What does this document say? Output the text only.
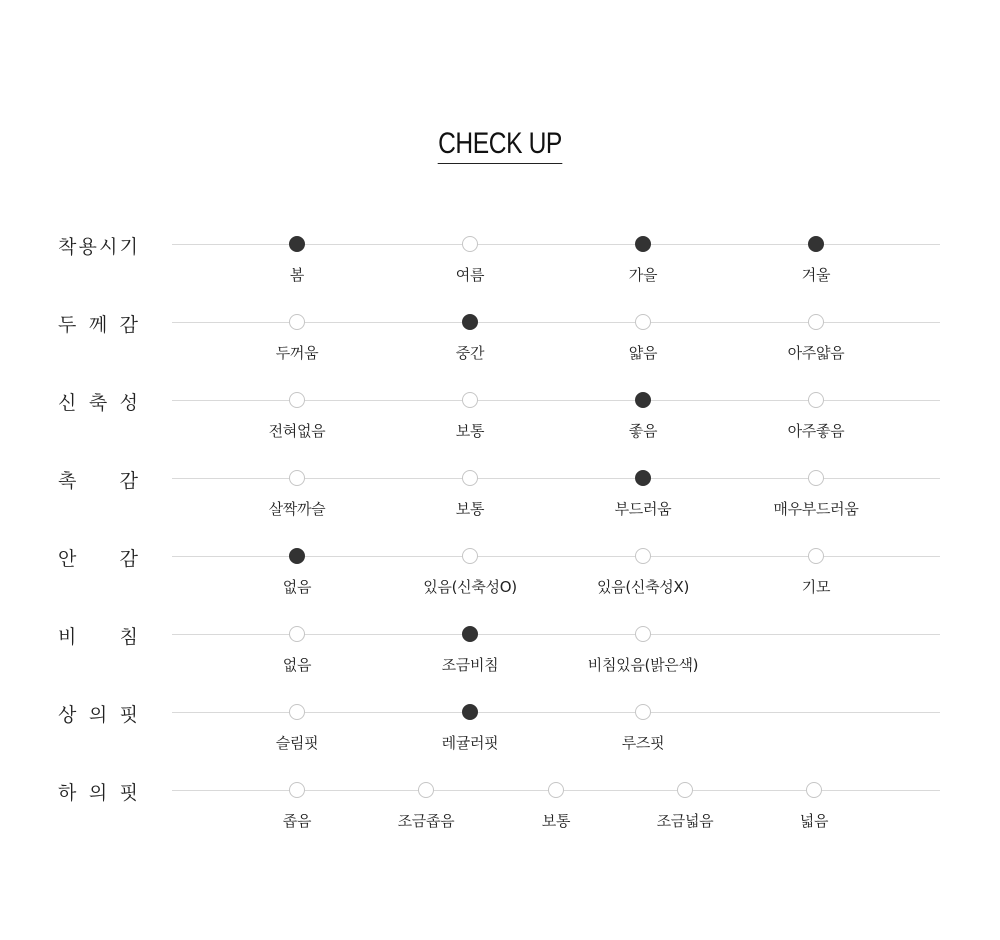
CHECK UP
착 용 시 기
봄	여름	가을	겨울
두 께 감
두꺼움	중간	얇음	아주얇음
신 축 성
전혀없음	보통	좋음	아주좋음
촉 감
살짝까슬	보통	부드러움	매우부드러움
안 감
없음	있음(신축성O)	있음(신축성X)	기모
비 침
없음	조금비침	비침있음(밝은색)
상 의 핏
슬림핏	레귤러핏	루즈핏
하 의 핏
좁음	조금좁음	보통	조금넓음	넓음
